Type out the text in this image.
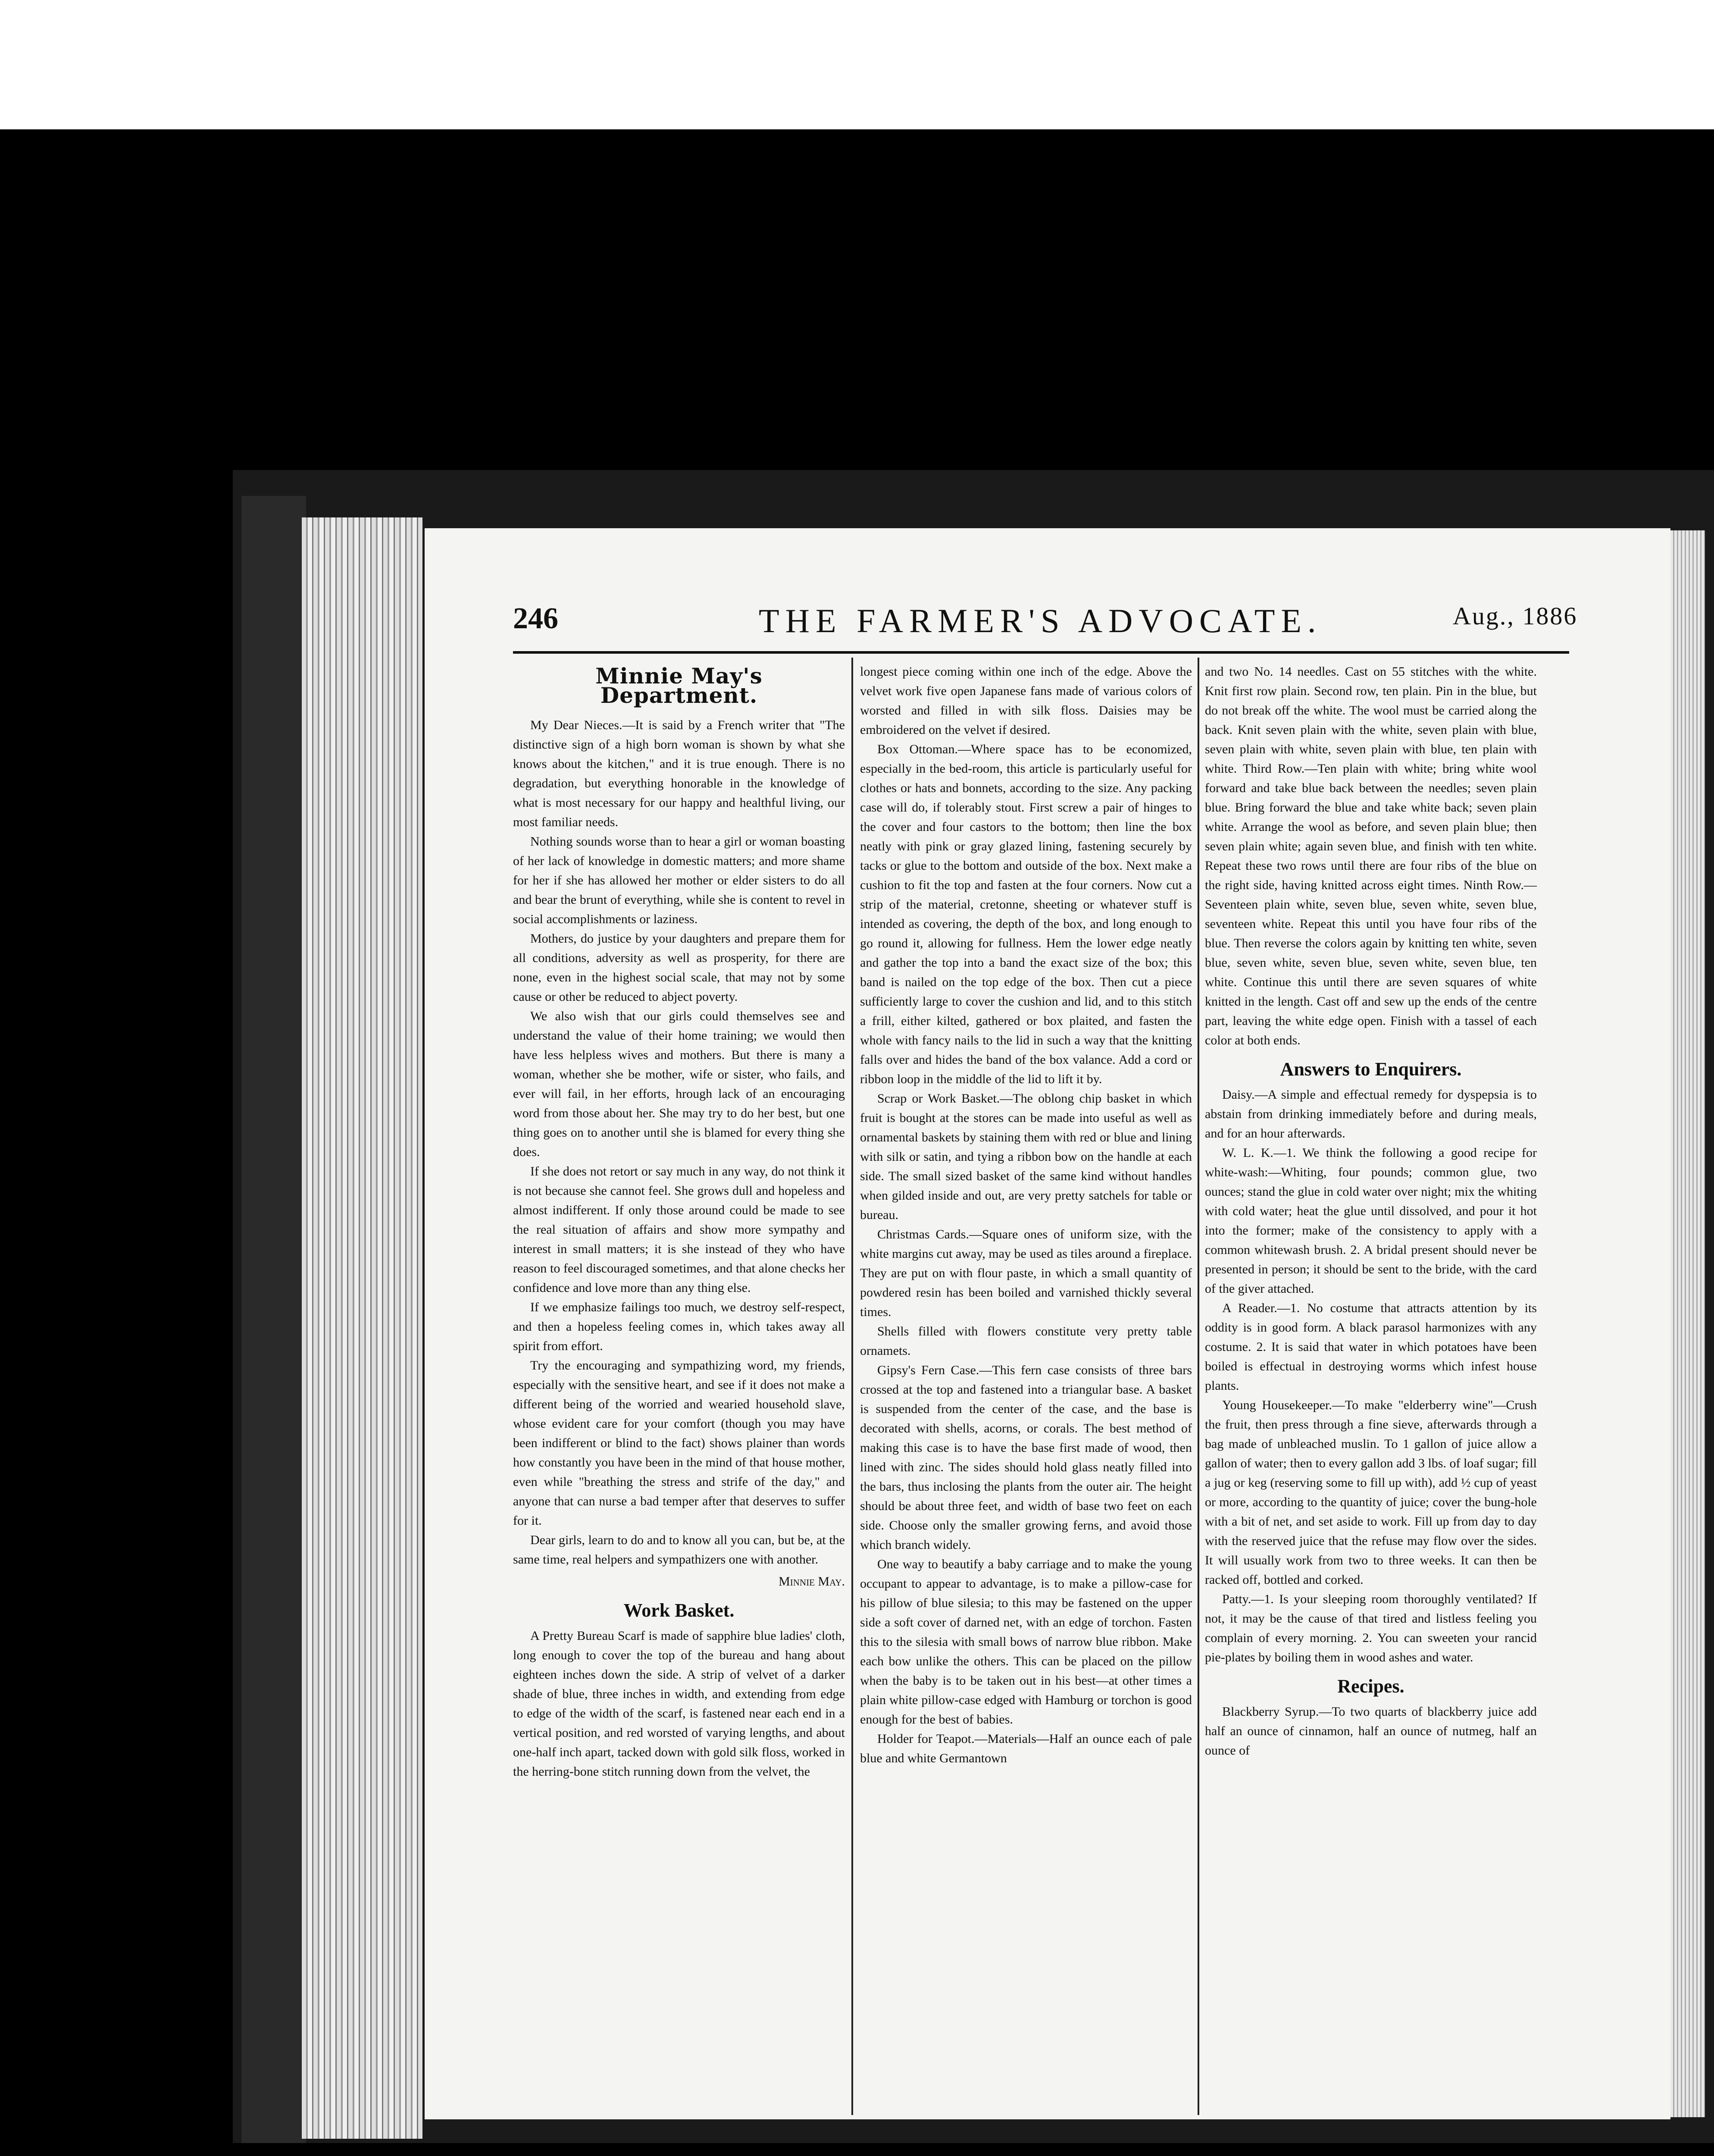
246	THE FARMER'S ADVOCATE.	Aug., 1886
Minnie May's Department.

My Dear Nieces.—It is said by a French writer that "The distinctive sign of a high born woman is shown by what she knows about the kitchen," and it is true enough. There is no degradation, but everything honorable in the knowledge of what is most necessary for our happy and healthful living, our most familiar needs.

Nothing sounds worse than to hear a girl or woman boasting of her lack of knowledge in domestic matters; and more shame for her if she has allowed her mother or elder sisters to do all and bear the brunt of everything, while she is content to revel in social accomplishments or laziness.

Mothers, do justice by your daughters and prepare them for all conditions, adversity as well as prosperity, for there are none, even in the highest social scale, that may not by some cause or other be reduced to abject poverty.

We also wish that our girls could themselves see and understand the value of their home training; we would then have less helpless wives and mothers. But there is many a woman, whether she be mother, wife or sister, who fails, and ever will fail, in her efforts, hrough lack of an encouraging word from those about her. She may try to do her best, but one thing goes on to another until she is blamed for every thing she does.

If she does not retort or say much in any way, do not think it is not because she cannot feel. She grows dull and hopeless and almost indifferent. If only those around could be made to see the real situation of affairs and show more sympathy and interest in small matters; it is she instead of they who have reason to feel discouraged sometimes, and that alone checks her confidence and love more than any thing else.

If we emphasize failings too much, we destroy self-respect, and then a hopeless feeling comes in, which takes away all spirit from effort.

Try the encouraging and sympathizing word, my friends, especially with the sensitive heart, and see if it does not make a different being of the worried and wearied household slave, whose evident care for your comfort (though you may have been indifferent or blind to the fact) shows plainer than words how constantly you have been in the mind of that house mother, even while "breathing the stress and strife of the day," and anyone that can nurse a bad temper after that deserves to suffer for it.

Dear girls, learn to do and to know all you can, but be, at the same time, real helpers and sympathizers one with another.

Minnie May.
Work Basket.

A Pretty Bureau Scarf is made of sapphire blue ladies' cloth, long enough to cover the top of the bureau and hang about eighteen inches down the side. A strip of velvet of a darker shade of blue, three inches in width, and extending from edge to edge of the width of the scarf, is fastened near each end in a vertical position, and red worsted of varying lengths, and about one-half inch apart, tacked down with gold silk floss, worked in the herring-bone stitch running down from the velvet, the

longest piece coming within one inch of the edge. Above the velvet work five open Japanese fans made of various colors of worsted and filled in with silk floss. Daisies may be embroidered on the velvet if desired.

Box Ottoman.—Where space has to be economized, especially in the bed-room, this article is particularly useful for clothes or hats and bonnets, according to the size. Any packing case will do, if tolerably stout. First screw a pair of hinges to the cover and four castors to the bottom; then line the box neatly with pink or gray glazed lining, fastening securely by tacks or glue to the bottom and outside of the box. Next make a cushion to fit the top and fasten at the four corners. Now cut a strip of the material, cretonne, sheeting or whatever stuff is intended as covering, the depth of the box, and long enough to go round it, allowing for fullness. Hem the lower edge neatly and gather the top into a band the exact size of the box; this band is nailed on the top edge of the box. Then cut a piece sufficiently large to cover the cushion and lid, and to this stitch a frill, either kilted, gathered or box plaited, and fasten the whole with fancy nails to the lid in such a way that the knitting falls over and hides the band of the box valance. Add a cord or ribbon loop in the middle of the lid to lift it by.

Scrap or Work Basket.—The oblong chip basket in which fruit is bought at the stores can be made into useful as well as ornamental baskets by staining them with red or blue and lining with silk or satin, and tying a ribbon bow on the handle at each side. The small sized basket of the same kind without handles when gilded inside and out, are very pretty satchels for table or bureau.

Christmas Cards.—Square ones of uniform size, with the white margins cut away, may be used as tiles around a fireplace. They are put on with flour paste, in which a small quantity of powdered resin has been boiled and varnished thickly several times.

Shells filled with flowers constitute very pretty table ornamets.

Gipsy's Fern Case.—This fern case consists of three bars crossed at the top and fastened into a triangular base. A basket is suspended from the center of the case, and the base is decorated with shells, acorns, or corals. The best method of making this case is to have the base first made of wood, then lined with zinc. The sides should hold glass neatly filled into the bars, thus inclosing the plants from the outer air. The height should be about three feet, and width of base two feet on each side. Choose only the smaller growing ferns, and avoid those which branch widely.

One way to beautify a baby carriage and to make the young occupant to appear to advantage, is to make a pillow-case for his pillow of blue silesia; to this may be fastened on the upper side a soft cover of darned net, with an edge of torchon. Fasten this to the silesia with small bows of narrow blue ribbon. Make each bow unlike the others. This can be placed on the pillow when the baby is to be taken out in his best—at other times a plain white pillow-case edged with Hamburg or torchon is good enough for the best of babies.

Holder for Teapot.—Materials—Half an ounce each of pale blue and white Germantown

and two No. 14 needles. Cast on 55 stitches with the white. Knit first row plain. Second row, ten plain. Pin in the blue, but do not break off the white. The wool must be carried along the back. Knit seven plain with the white, seven plain with blue, seven plain with white, seven plain with blue, ten plain with white. Third Row.—Ten plain with white; bring white wool forward and take blue back between the needles; seven plain blue. Bring forward the blue and take white back; seven plain white. Arrange the wool as before, and seven plain blue; then seven plain white; again seven blue, and finish with ten white. Repeat these two rows until there are four ribs of the blue on the right side, having knitted across eight times. Ninth Row.—Seventeen plain white, seven blue, seven white, seven blue, seventeen white. Repeat this until you have four ribs of the blue. Then reverse the colors again by knitting ten white, seven blue, seven white, seven blue, seven white, seven blue, ten white. Continue this until there are seven squares of white knitted in the length. Cast off and sew up the ends of the centre part, leaving the white edge open. Finish with a tassel of each color at both ends.

Answers to Enquirers.

Daisy.—A simple and effectual remedy for dyspepsia is to abstain from drinking immediately before and during meals, and for an hour afterwards.

W. L. K.—1. We think the following a good recipe for white-wash:—Whiting, four pounds; common glue, two ounces; stand the glue in cold water over night; mix the whiting with cold water; heat the glue until dissolved, and pour it hot into the former; make of the consistency to apply with a common whitewash brush. 2. A bridal present should never be presented in person; it should be sent to the bride, with the card of the giver attached.

A Reader.—1. No costume that attracts attention by its oddity is in good form. A black parasol harmonizes with any costume. 2. It is said that water in which potatoes have been boiled is effectual in destroying worms which infest house plants.

Young Housekeeper.—To make "elderberry wine"—Crush the fruit, then press through a fine sieve, afterwards through a bag made of unbleached muslin. To 1 gallon of juice allow a gallon of water; then to every gallon add 3 lbs. of loaf sugar; fill a jug or keg (reserving some to fill up with), add ½ cup of yeast or more, according to the quantity of juice; cover the bung-hole with a bit of net, and set aside to work. Fill up from day to day with the reserved juice that the refuse may flow over the sides. It will usually work from two to three weeks. It can then be racked off, bottled and corked.

Patty.—1. Is your sleeping room thoroughly ventilated? If not, it may be the cause of that tired and listless feeling you complain of every morning. 2. You can sweeten your rancid pie-plates by boiling them in wood ashes and water.

Recipes.

Blackberry Syrup.—To two quarts of blackberry juice add half an ounce of cinnamon, half an ounce of nutmeg, half an ounce of
